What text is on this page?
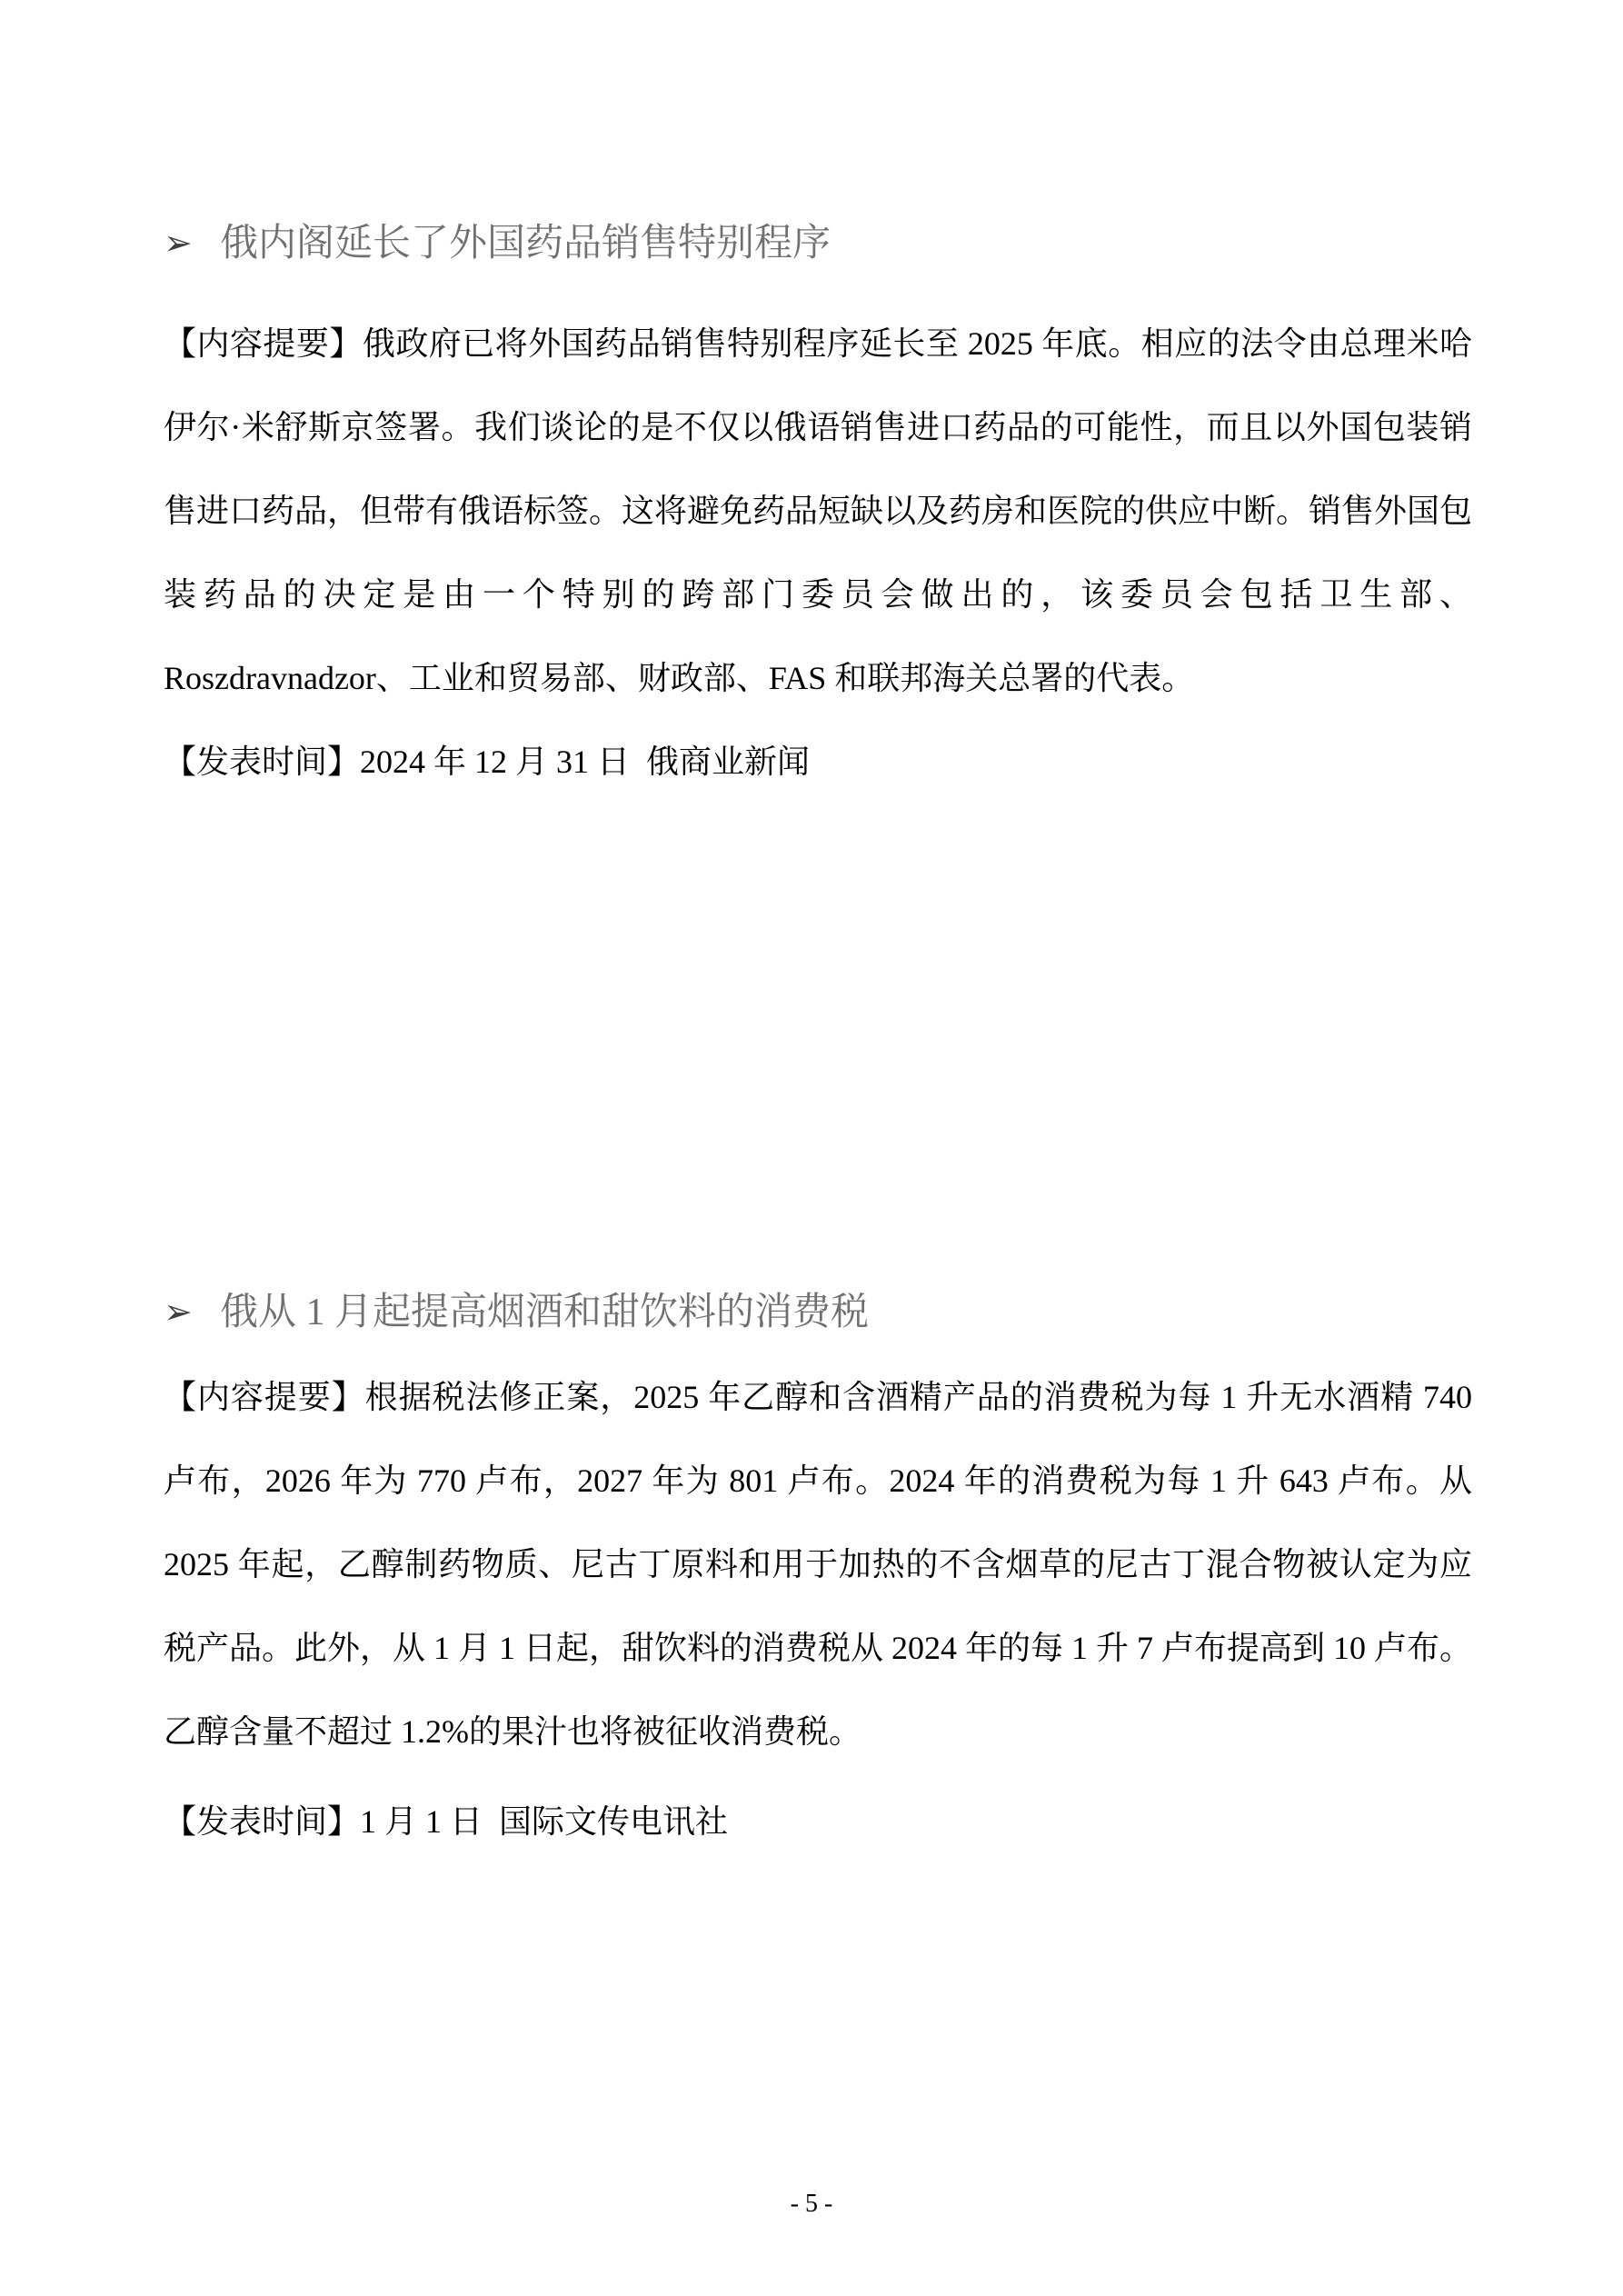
➢ 俄内阁延长了外国药品销售特别程序
【内容提要】俄政府已将外国药品销售特别程序延长至 2025 年底。相应的法令由总理米哈伊尔·米舒斯京签署。我们谈论的是不仅以俄语销售进口药品的可能性，而且以外国包装销售进口药品，但带有俄语标签。这将避免药品短缺以及药房和医院的供应中断。销售外国包装药品的决定是由一个特别的跨部门委员会做出的，该委员会包括卫生部、Roszdravnadzor、工业和贸易部、财政部、FAS 和联邦海关总署的代表。
【发表时间】2024 年 12 月 31 日  俄商业新闻
➢ 俄从 1 月起提高烟酒和甜饮料的消费税
【内容提要】根据税法修正案，2025 年乙醇和含酒精产品的消费税为每 1 升无水酒精 740 卢布，2026 年为 770 卢布，2027 年为 801 卢布。2024 年的消费税为每 1 升 643 卢布。从 2025 年起，乙醇制药物质、尼古丁原料和用于加热的不含烟草的尼古丁混合物被认定为应税产品。此外，从 1 月 1 日起，甜饮料的消费税从 2024 年的每 1 升 7 卢布提高到 10 卢布。乙醇含量不超过 1.2%的果汁也将被征收消费税。
【发表时间】1 月 1 日  国际文传电讯社
- 5 -
